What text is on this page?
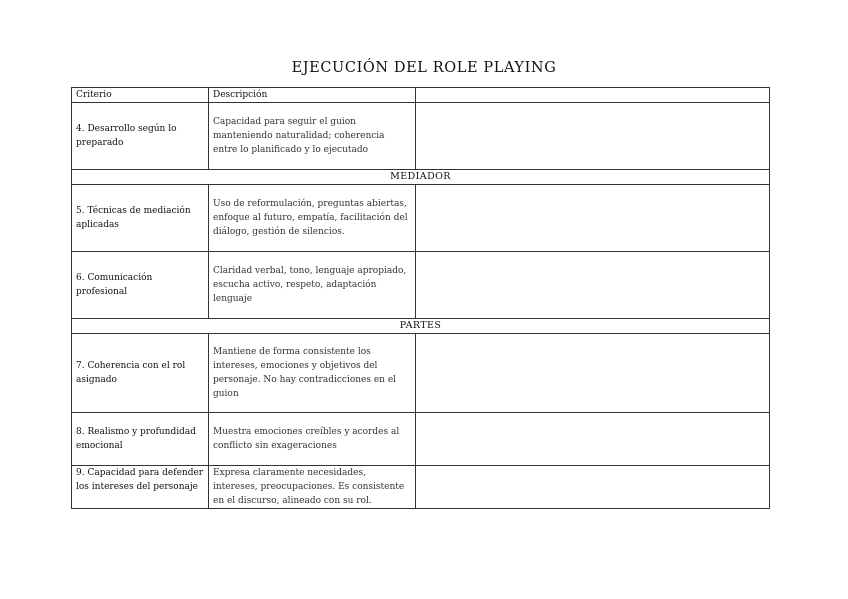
EJECUCIÓN DEL ROLE PLAYING
Criterio	Descripción	
4. Desarrollo según lo preparado	Capacidad para seguir el guion manteniendo naturalidad; coherencia entre lo planificado y lo ejecutado	
MEDIADOR		
5. Técnicas de mediación aplicadas	Uso de reformulación, preguntas abiertas, enfoque al futuro, empatía, facilitación del diálogo, gestión de silencios.	
6. Comunicación profesional	Claridad verbal, tono, lenguaje apropiado, escucha activo, respeto, adaptación lenguaje	
PARTES		
7. Coherencia con el rol asignado	Mantiene de forma consistente los intereses, emociones y objetivos del personaje. No hay contradicciones en el guion	
8. Realismo y profundidad emocional	Muestra emociones creíbles y acordes al conflicto sin exageraciones	
9. Capacidad para defender los intereses del personaje	Expresa claramente necesidades, intereses, preocupaciones. Es consistente en el discurso, alineado con su rol.	
